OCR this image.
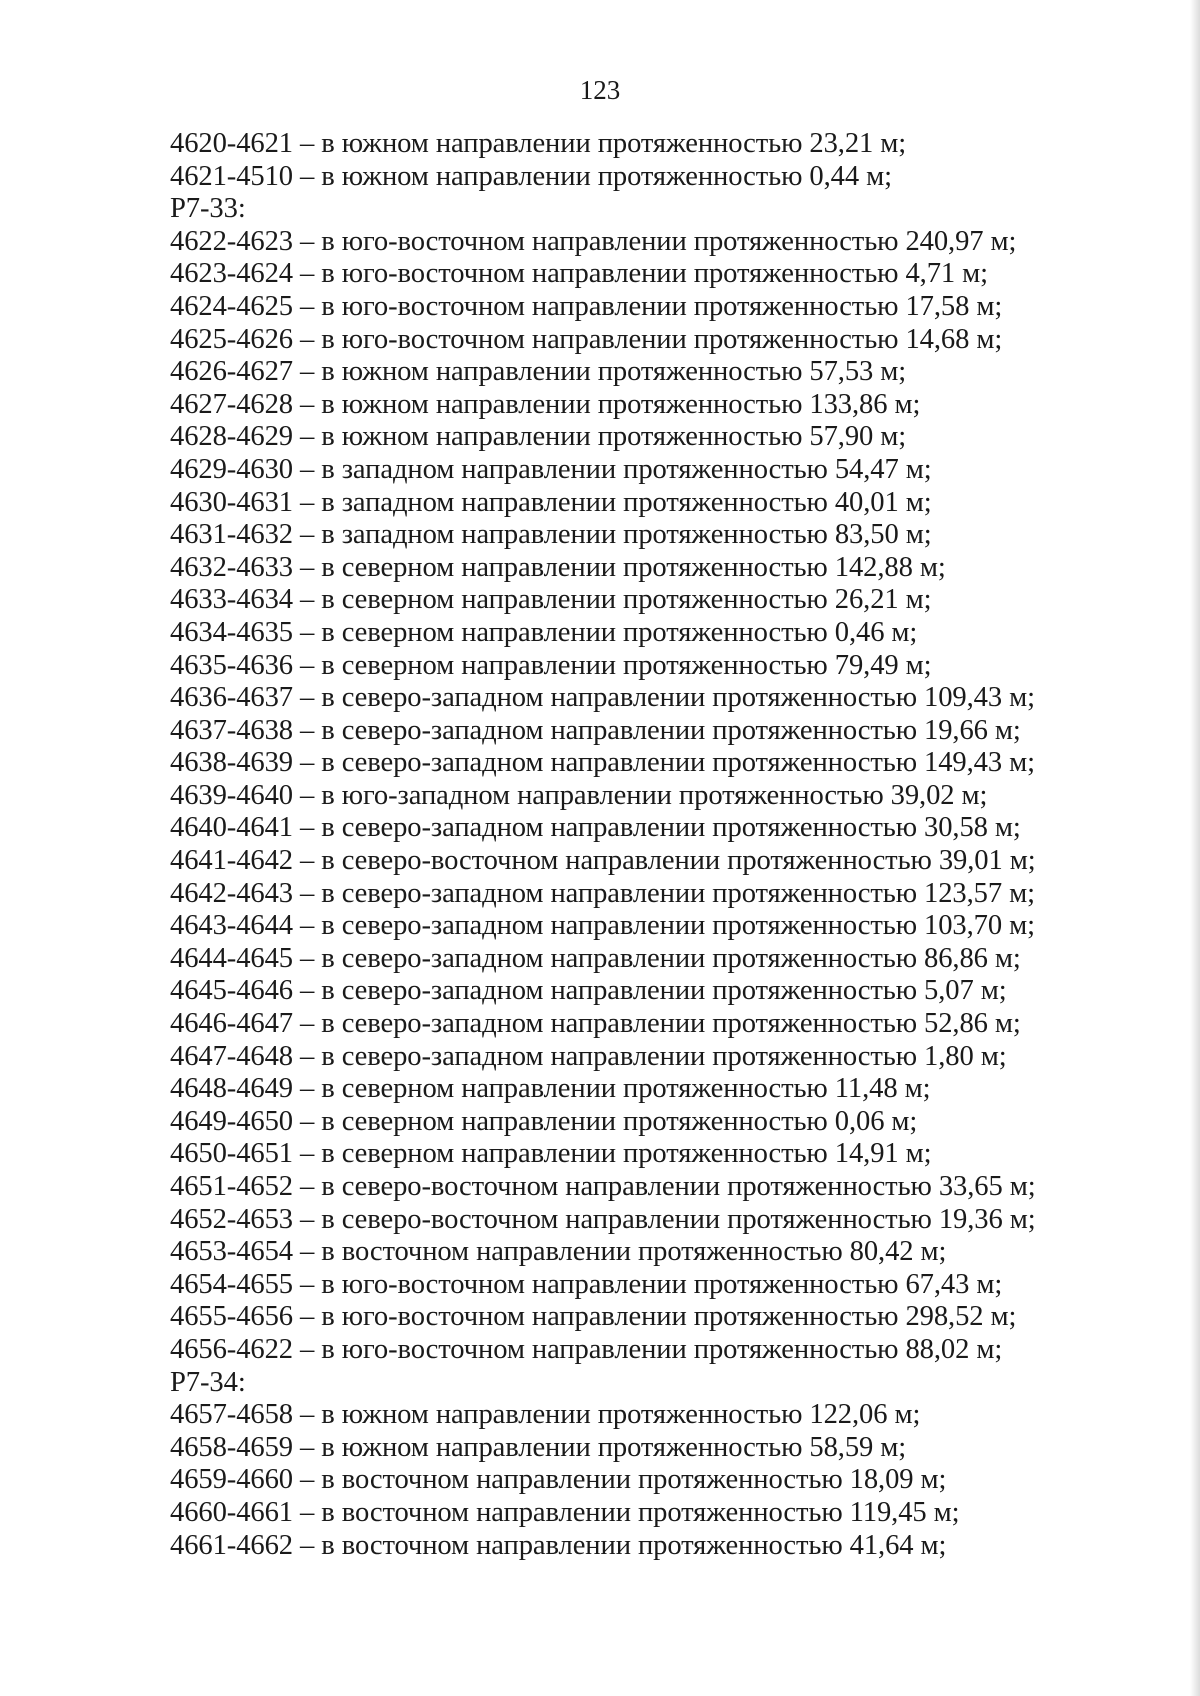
123
4620-4621 – в южном направлении протяженностью 23,21 м;
4621-4510 – в южном направлении протяженностью 0,44 м;
Р7-33:
4622-4623 – в юго-восточном направлении протяженностью 240,97 м;
4623-4624 – в юго-восточном направлении протяженностью 4,71 м;
4624-4625 – в юго-восточном направлении протяженностью 17,58 м;
4625-4626 – в юго-восточном направлении протяженностью 14,68 м;
4626-4627 – в южном направлении протяженностью 57,53 м;
4627-4628 – в южном направлении протяженностью 133,86 м;
4628-4629 – в южном направлении протяженностью 57,90 м;
4629-4630 – в западном направлении протяженностью 54,47 м;
4630-4631 – в западном направлении протяженностью 40,01 м;
4631-4632 – в западном направлении протяженностью 83,50 м;
4632-4633 – в северном направлении протяженностью 142,88 м;
4633-4634 – в северном направлении протяженностью 26,21 м;
4634-4635 – в северном направлении протяженностью 0,46 м;
4635-4636 – в северном направлении протяженностью 79,49 м;
4636-4637 – в северо-западном направлении протяженностью 109,43 м;
4637-4638 – в северо-западном направлении протяженностью 19,66 м;
4638-4639 – в северо-западном направлении протяженностью 149,43 м;
4639-4640 – в юго-западном направлении протяженностью 39,02 м;
4640-4641 – в северо-западном направлении протяженностью 30,58 м;
4641-4642 – в северо-восточном направлении протяженностью 39,01 м;
4642-4643 – в северо-западном направлении протяженностью 123,57 м;
4643-4644 – в северо-западном направлении протяженностью 103,70 м;
4644-4645 – в северо-западном направлении протяженностью 86,86 м;
4645-4646 – в северо-западном направлении протяженностью 5,07 м;
4646-4647 – в северо-западном направлении протяженностью 52,86 м;
4647-4648 – в северо-западном направлении протяженностью 1,80 м;
4648-4649 – в северном направлении протяженностью 11,48 м;
4649-4650 – в северном направлении протяженностью 0,06 м;
4650-4651 – в северном направлении протяженностью 14,91 м;
4651-4652 – в северо-восточном направлении протяженностью 33,65 м;
4652-4653 – в северо-восточном направлении протяженностью 19,36 м;
4653-4654 – в восточном направлении протяженностью 80,42 м;
4654-4655 – в юго-восточном направлении протяженностью 67,43 м;
4655-4656 – в юго-восточном направлении протяженностью 298,52 м;
4656-4622 – в юго-восточном направлении протяженностью 88,02 м;
Р7-34:
4657-4658 – в южном направлении протяженностью 122,06 м;
4658-4659 – в южном направлении протяженностью 58,59 м;
4659-4660 – в восточном направлении протяженностью 18,09 м;
4660-4661 – в восточном направлении протяженностью 119,45 м;
4661-4662 – в восточном направлении протяженностью 41,64 м;
